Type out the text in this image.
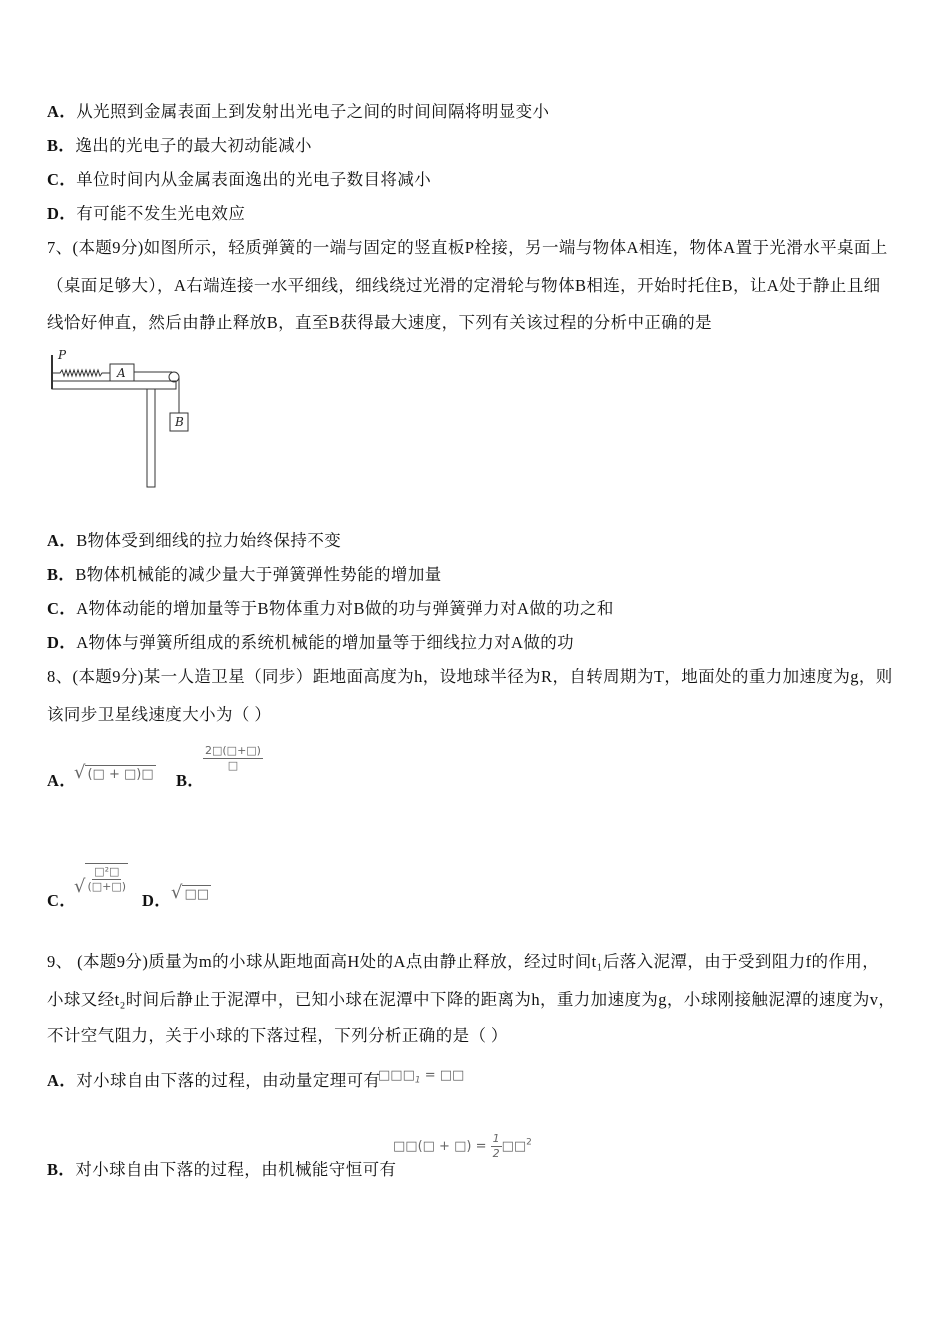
A．从光照到金属表面上到发射出光电子之间的时间间隔将明显变小
B．逸出的光电子的最大初动能减小
C．单位时间内从金属表面逸出的光电子数目将减小
D．有可能不发生光电效应
7、(本题9分)如图所示，轻质弹簧的一端与固定的竖直板P栓接，另一端与物体A相连，物体A置于光滑水平桌面上
（桌面足够大），A右端连接一水平细线，细线绕过光滑的定滑轮与物体B相连，开始时托住B，让A处于静止且细
线恰好伸直，然后由静止释放B，直至B获得最大速度，下列有关该过程的分析中正确的是
P
A
B
A．B物体受到细线的拉力始终保持不变
B．B物体机械能的减少量大于弹簧弹性势能的增加量
C．A物体动能的增加量等于B物体重力对B做的功与弹簧弹力对A做的功之和
D．A物体与弹簧所组成的系统机械能的增加量等于细线拉力对A做的功
8、(本题9分)某一人造卫星（同步）距地面高度为h，设地球半径为R，自转周期为T，地面处的重力加速度为g，则
该同步卫星线速度大小为（ ）
A．
√ (□ + □)□ B．
$\frac{2□(□+□)}{□}$
C．
√ $\frac{\text{□²□}}{(□+□)}$
D． √ □□
9、 (本题9分)质量为m的小球从距地面高H处的A点由静止释放，经过时间t₁后落入泥潭，由于受到阻力f的作用，
小球又经t₂时间后静止于泥潭中，已知小球在泥潭中下降的距离为h，重力加速度为g，小球刚接触泥潭的速度为v，
不计空气阻力，关于小球的下落过程，下列分析正确的是（ ）
A．对小球自由下落的过程，由动量定理可有
$□□□_1$ = □□
□□(□ + □) = $\frac{1}{2}$ □□$^2$
B．对小球自由下落的过程，由机械能守恒可有
